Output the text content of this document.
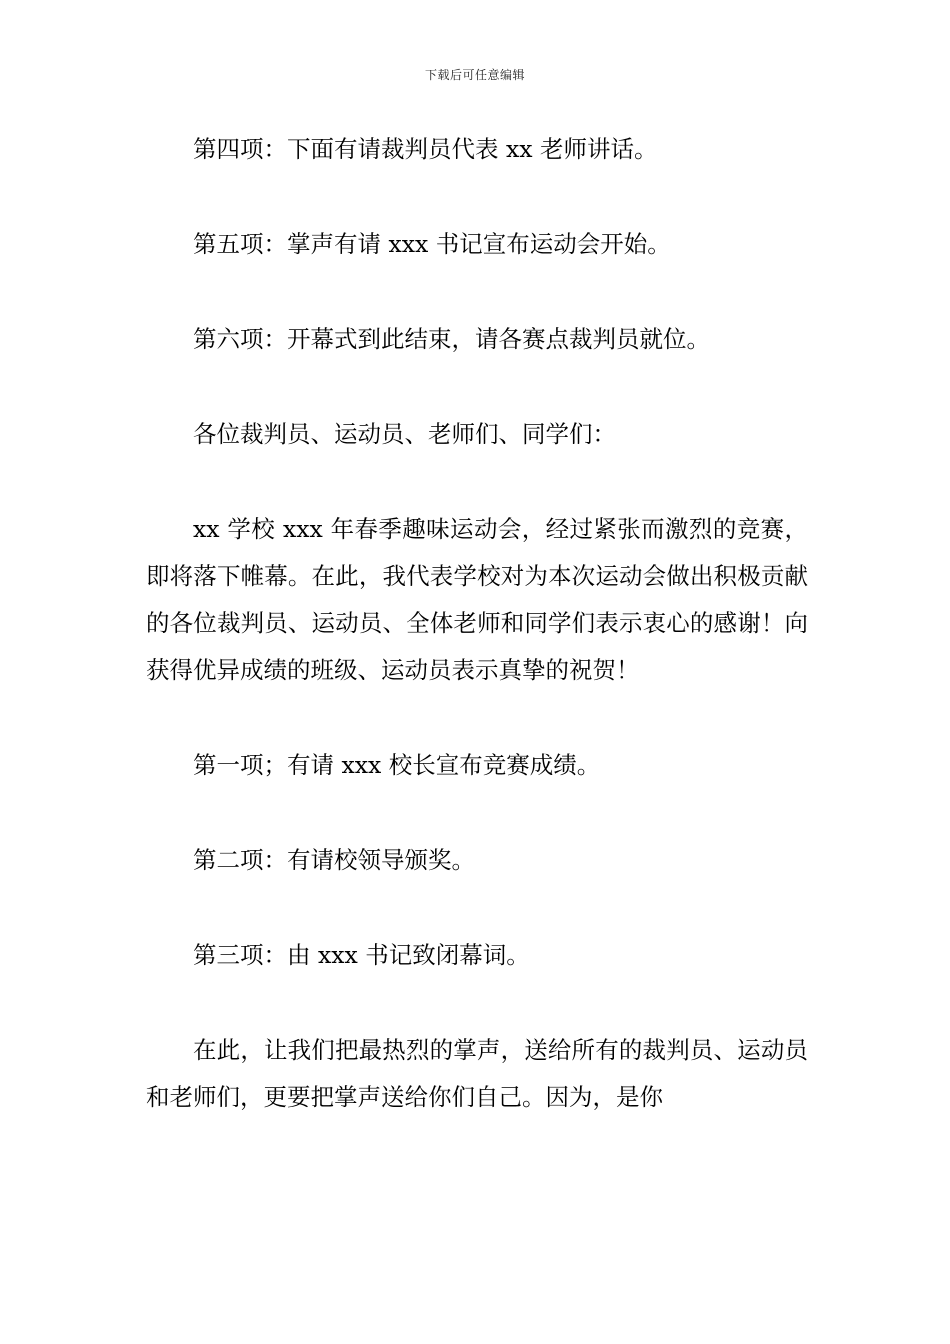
下载后可任意编辑

第四项：下面有请裁判员代表 xx 老师讲话。

第五项：掌声有请 xxx 书记宣布运动会开始。

第六项：开幕式到此结束，请各赛点裁判员就位。

各位裁判员、运动员、老师们、同学们：

xx 学校 xxx 年春季趣味运动会，经过紧张而激烈的竞赛，即将落下帷幕。在此，我代表学校对为本次运动会做出积极贡献的各位裁判员、运动员、全体老师和同学们表示衷心的感谢！向获得优异成绩的班级、运动员表示真挚的祝贺！

第一项；有请 xxx 校长宣布竞赛成绩。

第二项：有请校领导颁奖。

第三项：由 xxx 书记致闭幕词。

在此，让我们把最热烈的掌声，送给所有的裁判员、运动员和老师们，更要把掌声送给你们自己。因为，是你
